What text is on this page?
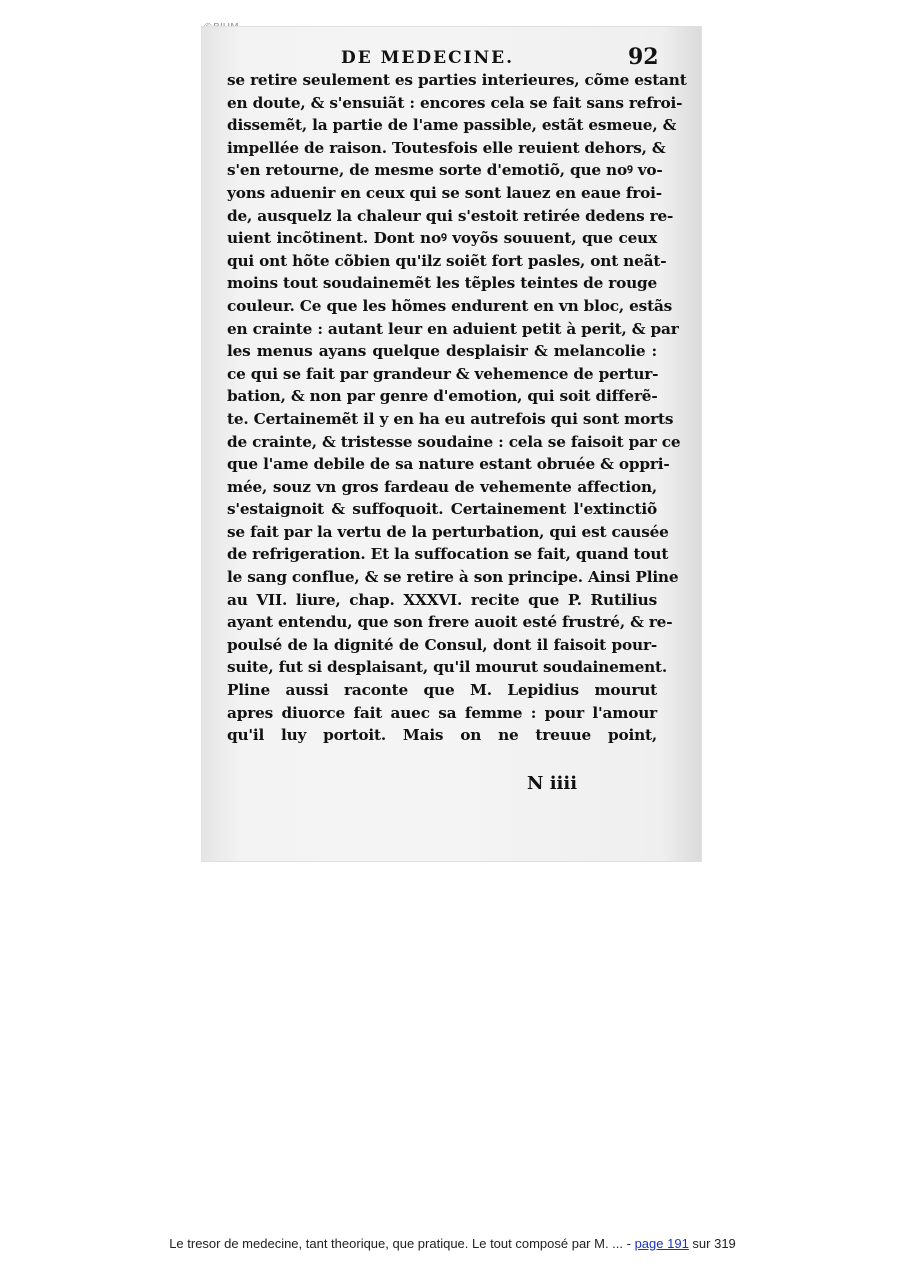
DE MEDECINE.	92
se retire seulement es parties interieures, cõme estant
en doute, & s'ensuiãt : encores cela se fait sans refroi-
dissemẽt, la partie de l'ame passible, estãt esmeue, &
impellée de raison. Toutesfois elle reuient dehors, &
s'en retourne, de mesme sorte d'emotiõ, que noꝰ vo-
yons aduenir en ceux qui se sont lauez en eaue froi-
de, ausquelz la chaleur qui s'estoit retirée dedens re-
uient incõtinent. Dont noꝰ voyõs souuent, que ceux
qui ont hõte cõbien qu'ilz soiẽt fort pasles, ont neãt-
moins tout soudainemẽt les tẽples teintes de rouge
couleur. Ce que les hõmes endurent en vn bloc, estãs
en crainte : autant leur en aduient petit à perit, & par
les menus ayans quelque desplaisir & melancolie :
ce qui se fait par grandeur & vehemence de pertur-
bation, & non par genre d'emotion, qui soit differẽ-
te. Certainemẽt il y en ha eu autrefois qui sont morts
de crainte, & tristesse soudaine : cela se faisoit par ce
que l'ame debile de sa nature estant obruée & oppri-
mée, souz vn gros fardeau de vehemente affection,
s'estaignoit & suffoquoit. Certainement l'extinctiõ
se fait par la vertu de la perturbation, qui est causée
de refrigeration. Et la suffocation se fait, quand tout
le sang conflue, & se retire à son principe. Ainsi Pline
au VII. liure, chap. XXXVI. recite que P. Rutilius
ayant entendu, que son frere auoit esté frustré, & re-
poulsé de la dignité de Consul, dont il faisoit pour-
suite, fut si desplaisant, qu'il mourut soudainement.
Pline aussi raconte que M. Lepidius mourut
apres diuorce fait auec sa femme : pour l'amour
qu'il luy portoit. Mais on ne treuue point,
N iiii
Le tresor de medecine, tant theorique, que pratique. Le tout composé par M. ... - page 191 sur 319
